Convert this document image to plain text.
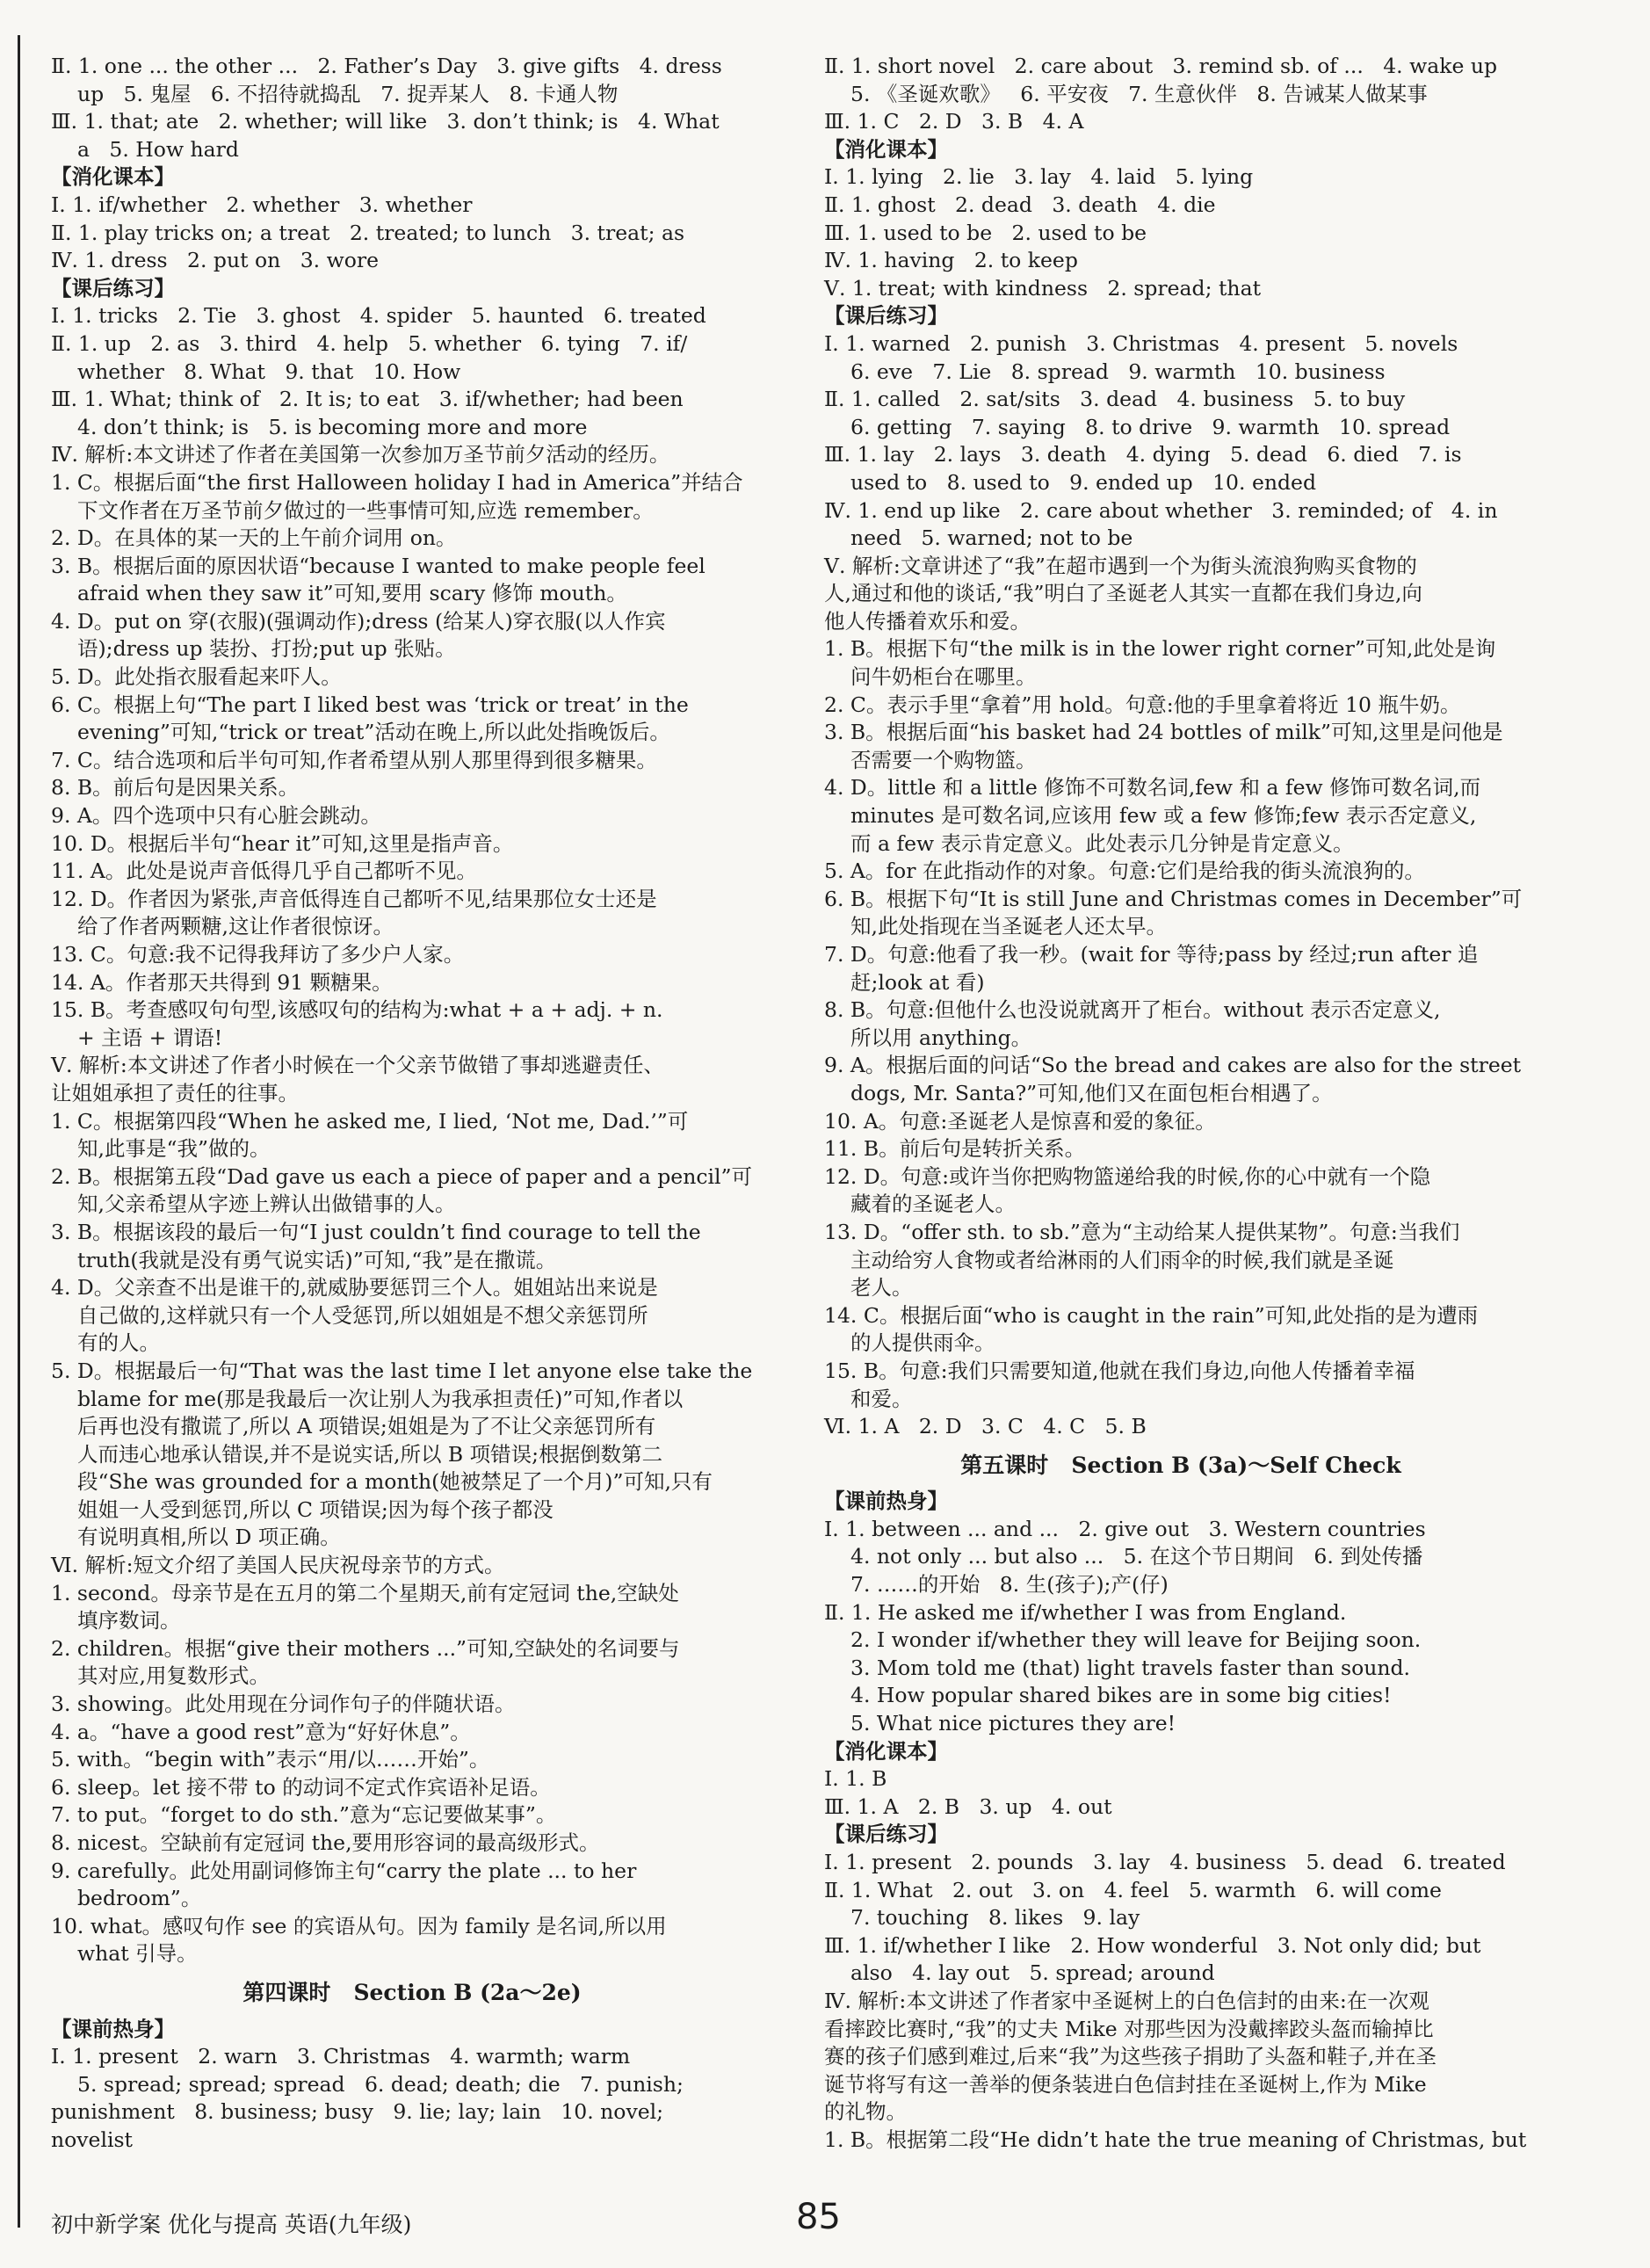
Ⅱ. 1. one ... the other ...   2. Father’s Day   3. give gifts   4. dress
up   5. 鬼屋   6. 不招待就捣乱   7. 捉弄某人   8. 卡通人物
Ⅲ. 1. that; ate   2. whether; will like   3. don’t think; is   4. What
a   5. How hard
【消化课本】
Ⅰ. 1. if/whether   2. whether   3. whether
Ⅱ. 1. play tricks on; a treat   2. treated; to lunch   3. treat; as
Ⅳ. 1. dress   2. put on   3. wore
【课后练习】
Ⅰ. 1. tricks   2. Tie   3. ghost   4. spider   5. haunted   6. treated
Ⅱ. 1. up   2. as   3. third   4. help   5. whether   6. tying   7. if/
whether   8. What   9. that   10. How
Ⅲ. 1. What; think of   2. It is; to eat   3. if/whether; had been
4. don’t think; is   5. is becoming more and more
Ⅳ. 解析:本文讲述了作者在美国第一次参加万圣节前夕活动的经历。
1. C。根据后面“the first Halloween holiday I had in America”并结合
下文作者在万圣节前夕做过的一些事情可知,应选 remember。
2. D。在具体的某一天的上午前介词用 on。
3. B。根据后面的原因状语“because I wanted to make people feel
afraid when they saw it”可知,要用 scary 修饰 mouth。
4. D。put on 穿(衣服)(强调动作);dress (给某人)穿衣服(以人作宾
语);dress up 装扮、打扮;put up 张贴。
5. D。此处指衣服看起来吓人。
6. C。根据上句“The part I liked best was ‘trick or treat’ in the
evening”可知,“trick or treat”活动在晚上,所以此处指晚饭后。
7. C。结合选项和后半句可知,作者希望从别人那里得到很多糖果。
8. B。前后句是因果关系。
9. A。四个选项中只有心脏会跳动。
10. D。根据后半句“hear it”可知,这里是指声音。
11. A。此处是说声音低得几乎自己都听不见。
12. D。作者因为紧张,声音低得连自己都听不见,结果那位女士还是
给了作者两颗糖,这让作者很惊讶。
13. C。句意:我不记得我拜访了多少户人家。
14. A。作者那天共得到 91 颗糖果。
15. B。考查感叹句句型,该感叹句的结构为:what + a + adj. + n.
+ 主语 + 谓语!
Ⅴ. 解析:本文讲述了作者小时候在一个父亲节做错了事却逃避责任、
让姐姐承担了责任的往事。
1. C。根据第四段“When he asked me, I lied, ‘Not me, Dad.’”可
知,此事是“我”做的。
2. B。根据第五段“Dad gave us each a piece of paper and a pencil”可
知,父亲希望从字迹上辨认出做错事的人。
3. B。根据该段的最后一句“I just couldn’t find courage to tell the
truth(我就是没有勇气说实话)”可知,“我”是在撒谎。
4. D。父亲查不出是谁干的,就威胁要惩罚三个人。姐姐站出来说是
自己做的,这样就只有一个人受惩罚,所以姐姐是不想父亲惩罚所
有的人。
5. D。根据最后一句“That was the last time I let anyone else take the
blame for me(那是我最后一次让别人为我承担责任)”可知,作者以
后再也没有撒谎了,所以 A 项错误;姐姐是为了不让父亲惩罚所有
人而违心地承认错误,并不是说实话,所以 B 项错误;根据倒数第二
段“She was grounded for a month(她被禁足了一个月)”可知,只有
姐姐一人受到惩罚,所以 C 项错误;因为每个孩子都没
有说明真相,所以 D 项正确。
Ⅵ. 解析:短文介绍了美国人民庆祝母亲节的方式。
1. second。母亲节是在五月的第二个星期天,前有定冠词 the,空缺处
填序数词。
2. children。根据“give their mothers ...”可知,空缺处的名词要与
其对应,用复数形式。
3. showing。此处用现在分词作句子的伴随状语。
4. a。“have a good rest”意为“好好休息”。
5. with。“begin with”表示“用/以……开始”。
6. sleep。let 接不带 to 的动词不定式作宾语补足语。
7. to put。“forget to do sth.”意为“忘记要做某事”。
8. nicest。空缺前有定冠词 the,要用形容词的最高级形式。
9. carefully。此处用副词修饰主句“carry the plate ... to her
bedroom”。
10. what。感叹句作 see 的宾语从句。因为 family 是名词,所以用
what 引导。
第四课时   Section B (2a～2e)
【课前热身】
Ⅰ. 1. present   2. warn   3. Christmas   4. warmth; warm
5. spread; spread; spread   6. dead; death; die   7. punish;
punishment   8. business; busy   9. lie; lay; lain   10. novel;
novelist
Ⅱ. 1. short novel   2. care about   3. remind sb. of ...   4. wake up
5. 《圣诞欢歌》   6. 平安夜   7. 生意伙伴   8. 告诫某人做某事
Ⅲ. 1. C   2. D   3. B   4. A
【消化课本】
Ⅰ. 1. lying   2. lie   3. lay   4. laid   5. lying
Ⅱ. 1. ghost   2. dead   3. death   4. die
Ⅲ. 1. used to be   2. used to be
Ⅳ. 1. having   2. to keep
Ⅴ. 1. treat; with kindness   2. spread; that
【课后练习】
Ⅰ. 1. warned   2. punish   3. Christmas   4. present   5. novels
6. eve   7. Lie   8. spread   9. warmth   10. business
Ⅱ. 1. called   2. sat/sits   3. dead   4. business   5. to buy
6. getting   7. saying   8. to drive   9. warmth   10. spread
Ⅲ. 1. lay   2. lays   3. death   4. dying   5. dead   6. died   7. is
used to   8. used to   9. ended up   10. ended
Ⅳ. 1. end up like   2. care about whether   3. reminded; of   4. in
need   5. warned; not to be
Ⅴ. 解析:文章讲述了“我”在超市遇到一个为街头流浪狗购买食物的
人,通过和他的谈话,“我”明白了圣诞老人其实一直都在我们身边,向
他人传播着欢乐和爱。
1. B。根据下句“the milk is in the lower right corner”可知,此处是询
问牛奶柜台在哪里。
2. C。表示手里“拿着”用 hold。句意:他的手里拿着将近 10 瓶牛奶。
3. B。根据后面“his basket had 24 bottles of milk”可知,这里是问他是
否需要一个购物篮。
4. D。little 和 a little 修饰不可数名词,few 和 a few 修饰可数名词,而
minutes 是可数名词,应该用 few 或 a few 修饰;few 表示否定意义,
而 a few 表示肯定意义。此处表示几分钟是肯定意义。
5. A。for 在此指动作的对象。句意:它们是给我的街头流浪狗的。
6. B。根据下句“It is still June and Christmas comes in December”可
知,此处指现在当圣诞老人还太早。
7. D。句意:他看了我一秒。(wait for 等待;pass by 经过;run after 追
赶;look at 看)
8. B。句意:但他什么也没说就离开了柜台。without 表示否定意义,
所以用 anything。
9. A。根据后面的问话“So the bread and cakes are also for the street
dogs, Mr. Santa?”可知,他们又在面包柜台相遇了。
10. A。句意:圣诞老人是惊喜和爱的象征。
11. B。前后句是转折关系。
12. D。句意:或许当你把购物篮递给我的时候,你的心中就有一个隐
藏着的圣诞老人。
13. D。“offer sth. to sb.”意为“主动给某人提供某物”。句意:当我们
主动给穷人食物或者给淋雨的人们雨伞的时候,我们就是圣诞
老人。
14. C。根据后面“who is caught in the rain”可知,此处指的是为遭雨
的人提供雨伞。
15. B。句意:我们只需要知道,他就在我们身边,向他人传播着幸福
和爱。
Ⅵ. 1. A   2. D   3. C   4. C   5. B
第五课时   Section B (3a)～Self Check
【课前热身】
Ⅰ. 1. between ... and ...   2. give out   3. Western countries
4. not only ... but also ...   5. 在这个节日期间   6. 到处传播
7. ……的开始   8. 生(孩子);产(仔)
Ⅱ. 1. He asked me if/whether I was from England.
2. I wonder if/whether they will leave for Beijing soon.
3. Mom told me (that) light travels faster than sound.
4. How popular shared bikes are in some big cities!
5. What nice pictures they are!
【消化课本】
Ⅰ. 1. B
Ⅲ. 1. A   2. B   3. up   4. out
【课后练习】
Ⅰ. 1. present   2. pounds   3. lay   4. business   5. dead   6. treated
Ⅱ. 1. What   2. out   3. on   4. feel   5. warmth   6. will come
7. touching   8. likes   9. lay
Ⅲ. 1. if/whether I like   2. How wonderful   3. Not only did; but
also   4. lay out   5. spread; around
Ⅳ. 解析:本文讲述了作者家中圣诞树上的白色信封的由来:在一次观
看摔跤比赛时,“我”的丈夫 Mike 对那些因为没戴摔跤头盔而输掉比
赛的孩子们感到难过,后来“我”为这些孩子捐助了头盔和鞋子,并在圣
诞节将写有这一善举的便条装进白色信封挂在圣诞树上,作为 Mike
的礼物。
1. B。根据第二段“He didn’t hate the true meaning of Christmas, but
初中新学案 优化与提高 英语(九年级)	85
